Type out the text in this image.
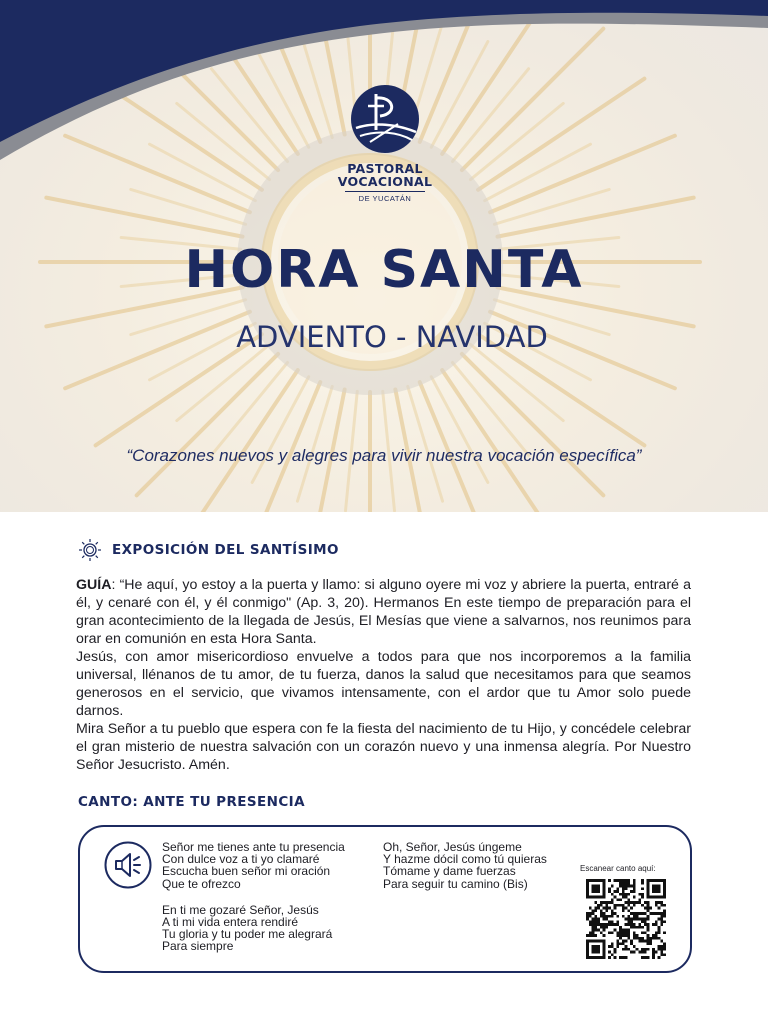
PASTORAL
VOCACIONAL
DE YUCATÁN
HORA SANTA
ADVIENTO - NAVIDAD
“Corazones nuevos y alegres para vivir nuestra vocación específica”
EXPOSICIÓN DEL SANTÍSIMO

GUÍA: “He aquí, yo estoy a la puerta y llamo: si alguno oyere mi voz y abriere la puerta, entraré a él, y cenaré con él, y él conmigo" (Ap. 3, 20). Hermanos En este tiempo de preparación para el gran acontecimiento de la llegada de Jesús, El Mesías que viene a salvarnos, nos reunimos para orar en comunión en esta Hora Santa.

Jesús, con amor misericordioso envuelve a todos para que nos incorporemos a la familia universal, llénanos de tu amor, de tu fuerza, danos la salud que necesitamos para que seamos generosos en el servicio, que vivamos intensamente, con el ardor que tu Amor solo puede darnos.

Mira Señor a tu pueblo que espera con fe la fiesta del nacimiento de tu Hijo, y concédele celebrar el gran misterio de nuestra salvación con un corazón nuevo y una inmensa alegría. Por Nuestro Señor Jesucristo. Amén.

CANTO: ANTE TU PRESENCIA
Señor me tienes ante tu presencia
Con dulce voz a ti yo clamaré
Escucha buen señor mi oración
Que te ofrezco
En ti me gozaré Señor, Jesús
A ti mi vida entera rendiré
Tu gloria y tu poder me alegrará
Para siempre
Oh, Señor, Jesús úngeme
Y hazme dócil como tú quieras
Tómame y dame fuerzas
Para seguir tu camino (Bis)
Escanear canto aquí:
